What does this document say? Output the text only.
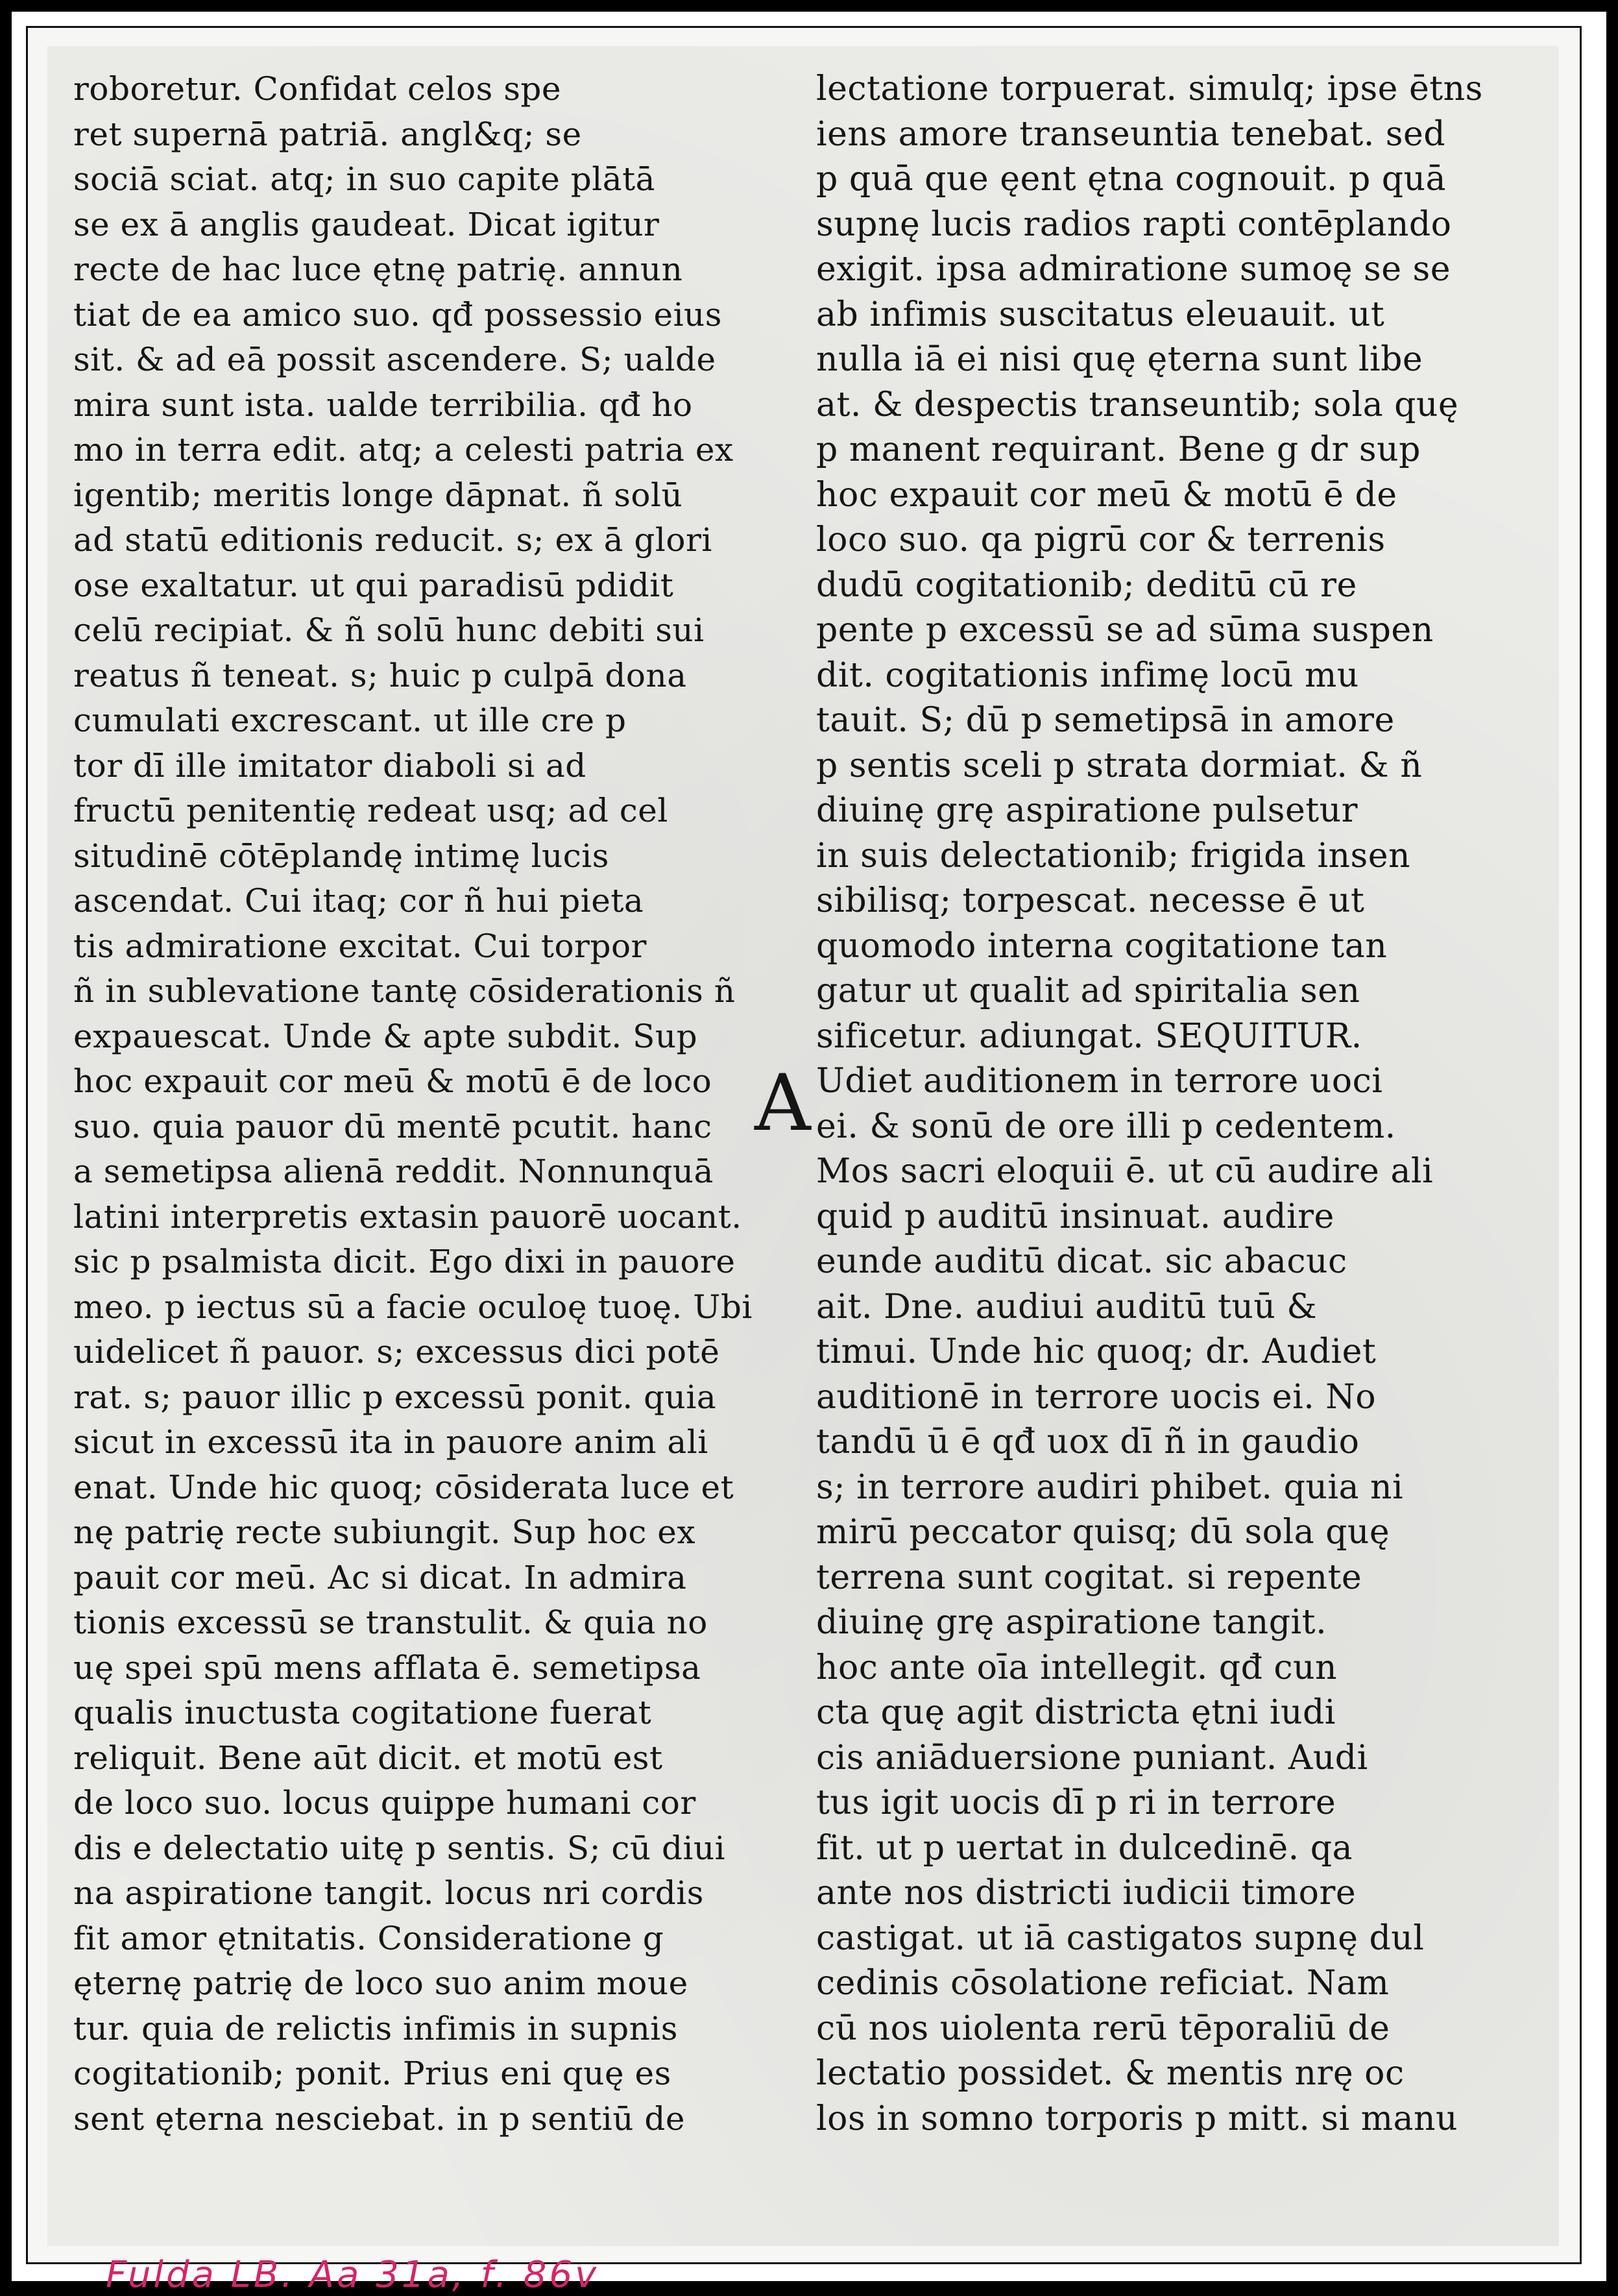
roboretur. Confidat celos spe
ret supernā patriā. angl&q; se
sociā sciat. atq; in suo capite plātā
se ex ā anglis gaudeat. Dicat igitur
recte de hac luce ętnę patrię. annun
tiat de ea amico suo. qđ possessio eius
sit. & ad eā possit ascendere. S; ualde
mira sunt ista. ualde terribilia. qđ ho
mo in terra edit. atq; a celesti patria ex
igentib; meritis longe dāpnat. ñ solū
ad statū editionis reducit. s; ex ā glori
ose exaltatur. ut qui paradisū pdidit
celū recipiat. & ñ solū hunc debiti sui
reatus ñ teneat. s; huic p culpā dona
cumulati excrescant. ut ille cre p
tor dī ille imitator diaboli si ad
fructū penitentię redeat usq; ad cel
situdinē cōtēplandę intimę lucis
ascendat. Cui itaq; cor ñ hui pieta
tis admiratione excitat. Cui torpor
ñ in sublevatione tantę cōsiderationis ñ
expauescat. Unde & apte subdit. Sup
hoc expauit cor meū & motū ē de loco
suo. quia pauor dū mentē pcutit. hanc
a semetipsa alienā reddit. Nonnunquā
latini interpretis extasin pauorē uocant.
sic p psalmista dicit. Ego dixi in pauore
meo. p iectus sū a facie oculoę tuoę. Ubi
uidelicet ñ pauor. s; excessus dici potē
rat. s; pauor illic p excessū ponit. quia
sicut in excessū ita in pauore anim ali
enat. Unde hic quoq; cōsiderata luce et
nę patrię recte subiungit. Sup hoc ex
pauit cor meū. Ac si dicat. In admira
tionis excessū se transtulit. & quia no
uę spei spū mens afflata ē. semetipsa
qualis inuctusta cogitatione fuerat
reliquit. Bene aūt dicit. et motū est
de loco suo. locus quippe humani cor
dis e delectatio uitę p sentis. S; cū diui
na aspiratione tangit. locus nri cordis
fit amor ętnitatis. Consideratione g
ęternę patrię de loco suo anim moue
tur. quia de relictis infimis in supnis
cogitationib; ponit. Prius eni quę es
sent ęterna nesciebat. in p sentiū de
lectatione torpuerat. simulq; ipse ētns
iens amore transeuntia tenebat. sed
p quā que ęent ętna cognouit. p quā
supnę lucis radios rapti contēplando
exigit. ipsa admiratione sumoę se se
ab infimis suscitatus eleuauit. ut
nulla iā ei nisi quę ęterna sunt libe
at. & despectis transeuntib; sola quę
p manent requirant. Bene g dr sup
hoc expauit cor meū & motū ē de
loco suo. qa pigrū cor & terrenis
dudū cogitationib; deditū cū re
pente p excessū se ad sūma suspen
dit. cogitationis infimę locū mu
tauit. S; dū p semetipsā in amore
p sentis sceli p strata dormiat. & ñ
diuinę grę aspiratione pulsetur
in suis delectationib; frigida insen
sibilisq; torpescat. necesse ē ut
quomodo interna cogitatione tan
gatur ut qualit ad spiritalia sen
sificetur. adiungat. SEQUITUR.
Udiet auditionem in terrore uoci
ei. & sonū de ore illi p cedentem.
Mos sacri eloquii ē. ut cū audire ali
quid p auditū insinuat. audire
eunde auditū dicat. sic abacuc
ait. Dne. audiui auditū tuū &
timui. Unde hic quoq; dr. Audiet
auditionē in terrore uocis ei. No
tandū ū ē qđ uox dī ñ in gaudio
s; in terrore audiri phibet. quia ni
mirū peccator quisq; dū sola quę
terrena sunt cogitat. si repente
diuinę grę aspiratione tangit.
hoc ante oīa intellegit. qđ cun
cta quę agit districta ętni iudi
cis aniāduersione puniant. Audi
tus igit uocis dī p ri in terrore
fit. ut p uertat in dulcedinē. qa
ante nos districti iudicii timore
castigat. ut iā castigatos supnę dul
cedinis cōsolatione reficiat. Nam
cū nos uiolenta rerū tēporaliū de
lectatio possidet. & mentis nrę oc
los in somno torporis p mitt. si manu
A
Fulda LB. Aa 31a, f. 86v
